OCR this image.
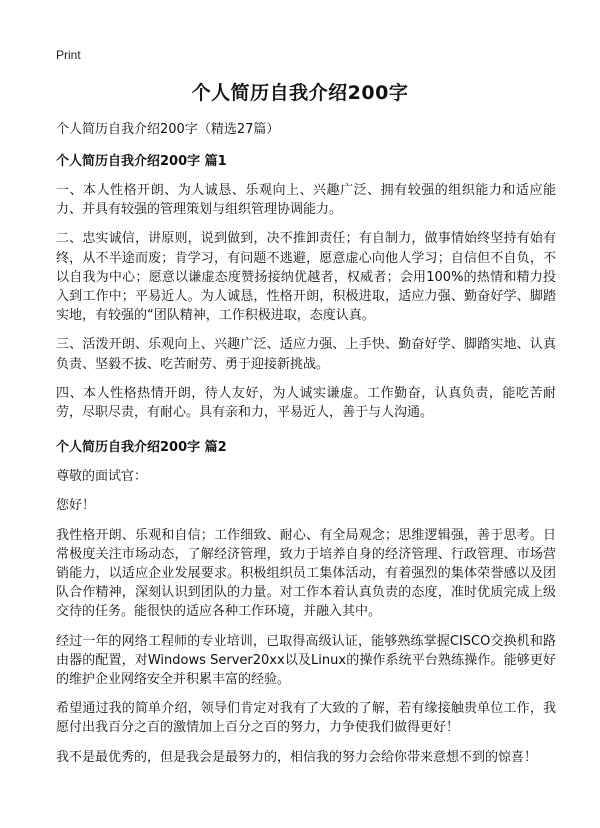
Print
个人简历自我介绍200字

个人简历自我介绍200字（精选27篇）

个人简历自我介绍200字 篇1

一、本人性格开朗、为人诚恳、乐观向上、兴趣广泛、拥有较强的组织能力和适应能力、并具有较强的管理策划与组织管理协调能力。

二、忠实诚信，讲原则，说到做到，决不推卸责任；有自制力，做事情始终坚持有始有终，从不半途而废；肯学习，有问题不逃避，愿意虚心向他人学习；自信但不自负，不以自我为中心；愿意以谦虚态度赞扬接纳优越者，权威者；会用100%的热情和精力投入到工作中；平易近人。为人诚恳，性格开朗，积极进取，适应力强、勤奋好学、脚踏实地，有较强的“团队精神，工作积极进取，态度认真。

三、活泼开朗、乐观向上、兴趣广泛、适应力强、上手快、勤奋好学、脚踏实地、认真负责、坚毅不拔、吃苦耐劳、勇于迎接新挑战。

四、本人性格热情开朗，待人友好，为人诚实谦虚。工作勤奋，认真负责，能吃苦耐劳，尽职尽责，有耐心。具有亲和力，平易近人，善于与人沟通。

个人简历自我介绍200字 篇2

尊敬的面试官：

您好！

我性格开朗、乐观和自信；工作细致、耐心、有全局观念；思维逻辑强，善于思考。日常极度关注市场动态，了解经济管理，致力于培养自身的经济管理、行政管理、市场营销能力，以适应企业发展要求。积极组织员工集体活动，有着强烈的集体荣誉感以及团队合作精神，深刻认识到团队的力量。对工作本着认真负责的态度，准时优质完成上级交待的任务。能很快的适应各种工作环境，并融入其中。

经过一年的网络工程师的专业培训，已取得高级认证，能够熟练掌握CISCO交换机和路由器的配置，对Windows Server20xx以及Linux的操作系统平台熟练操作。能够更好的维护企业网络安全并积累丰富的经验。

希望通过我的简单介绍，领导们肯定对我有了大致的了解，若有缘接触贵单位工作，我愿付出我百分之百的激情加上百分之百的努力，力争使我们做得更好！

我不是最优秀的，但是我会是最努力的，相信我的努力会给你带来意想不到的惊喜！
